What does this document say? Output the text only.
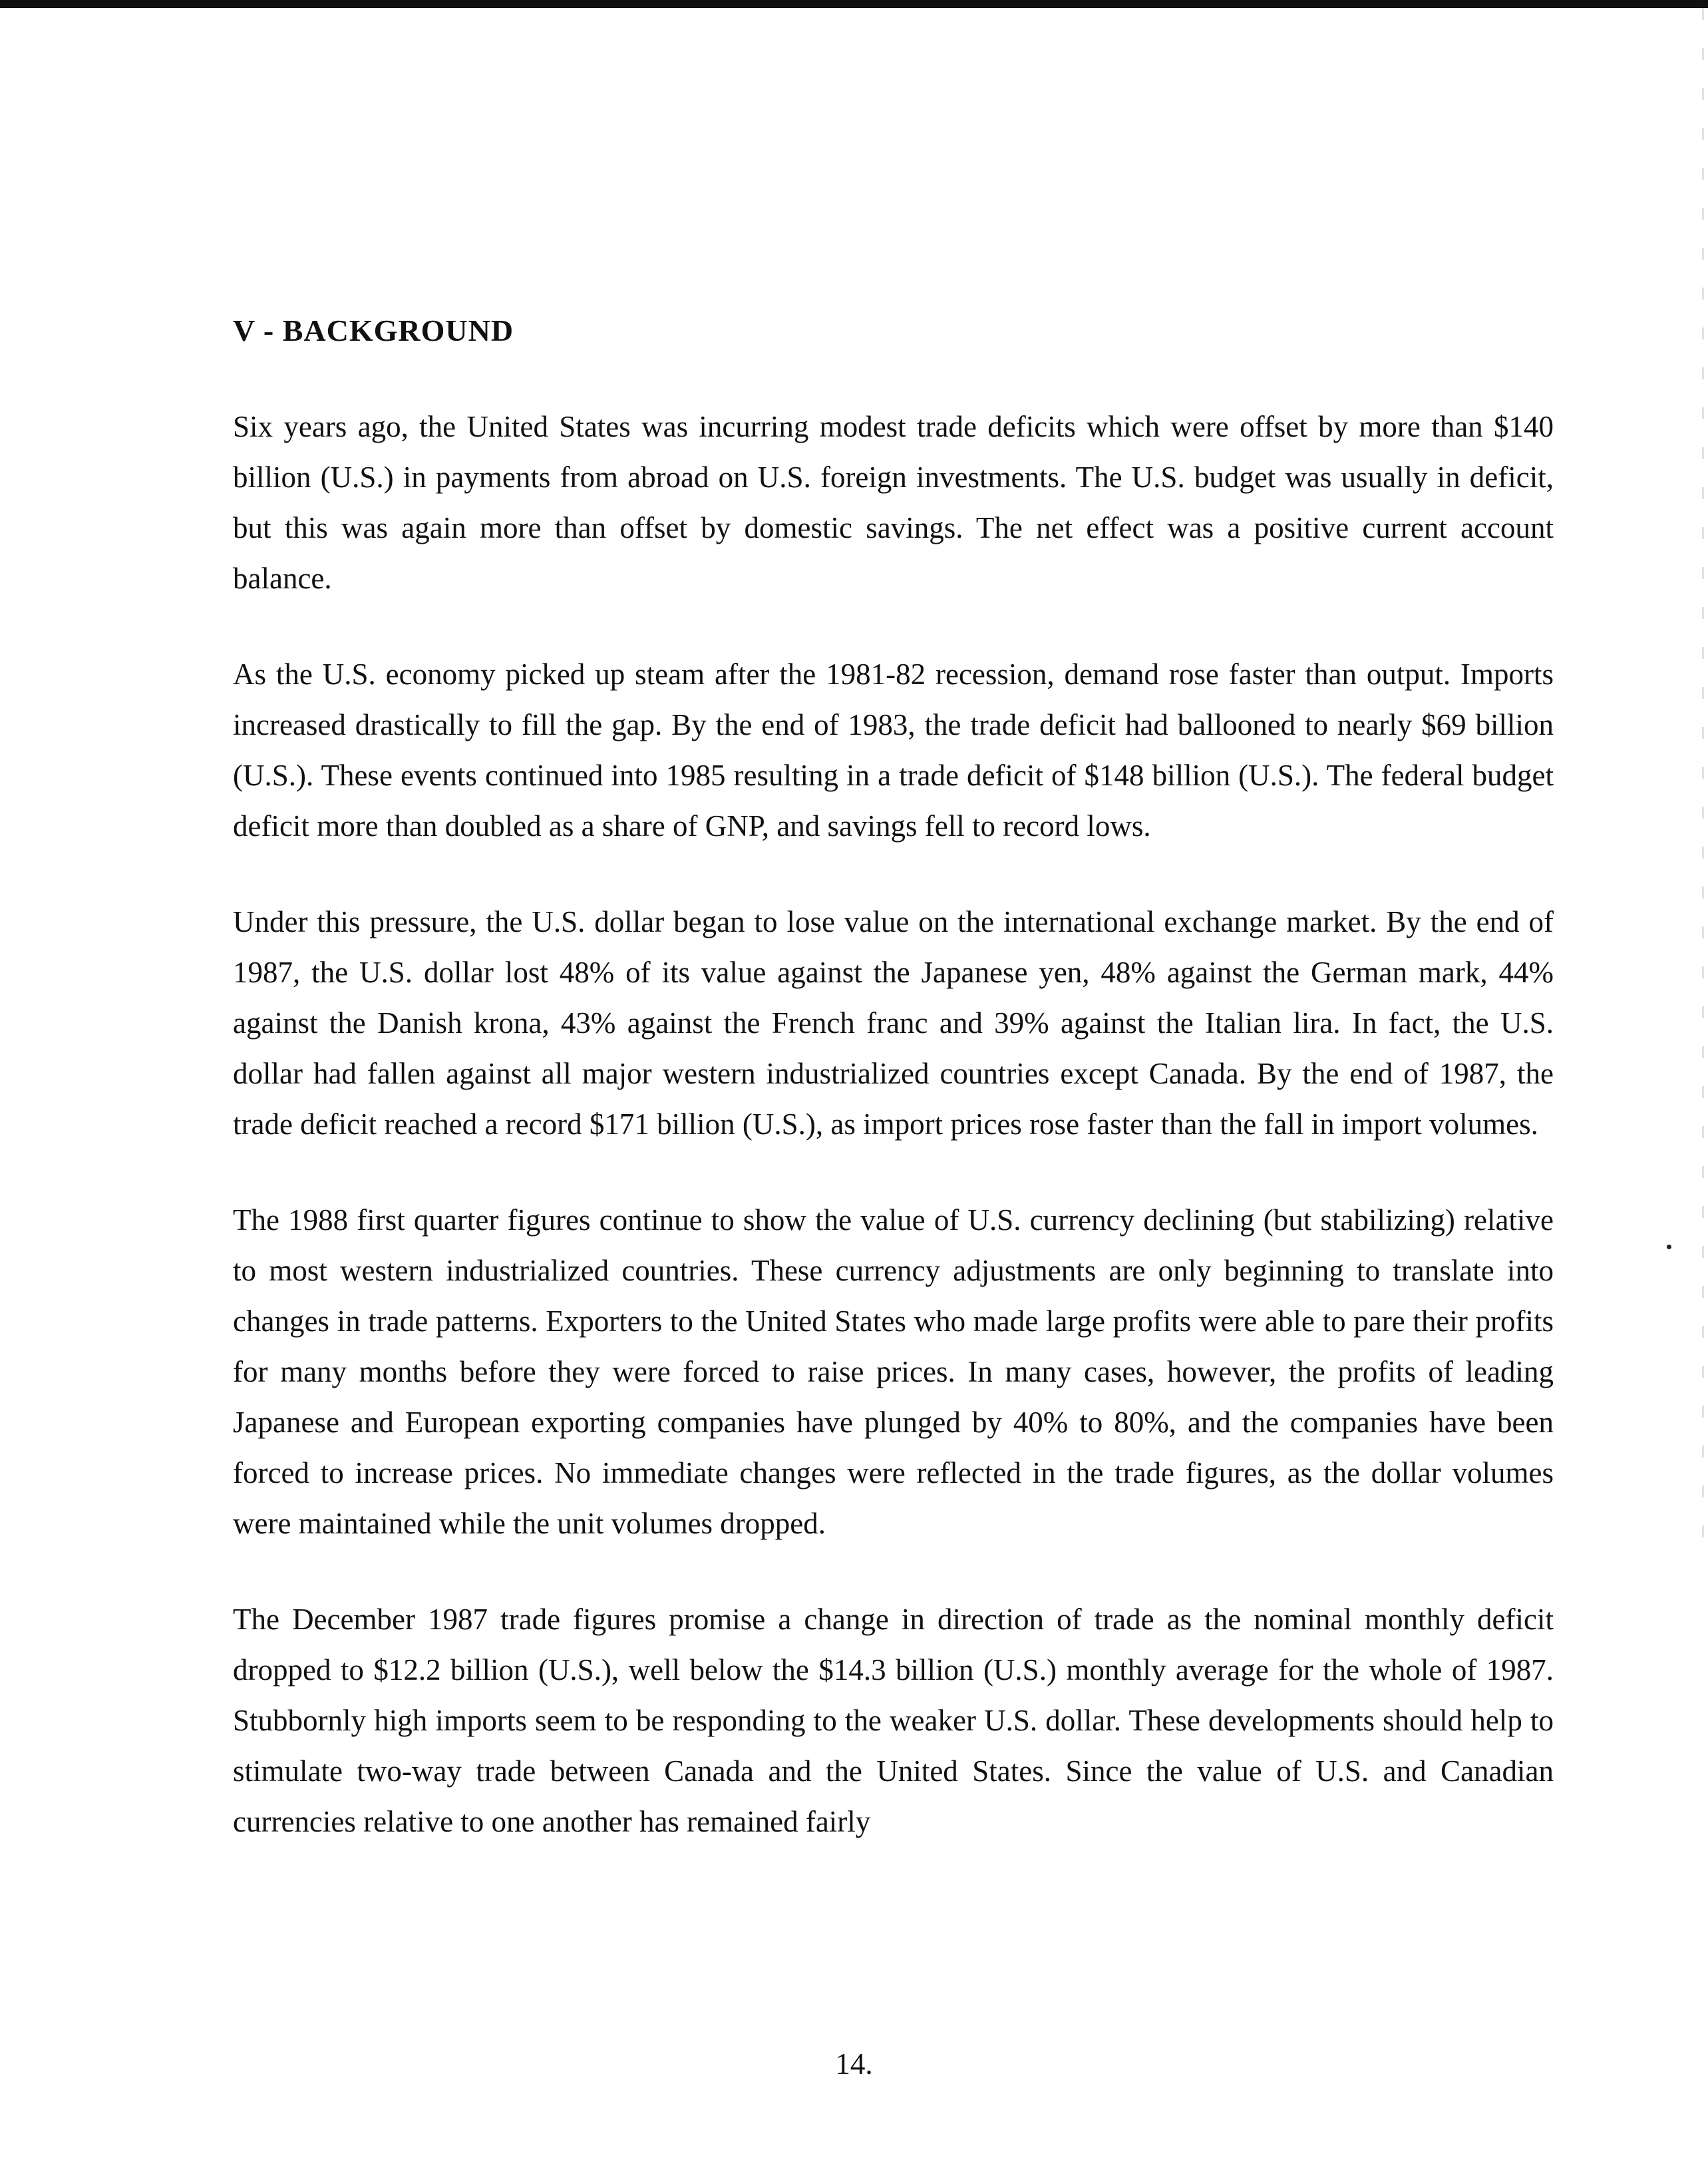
V - BACKGROUND

Six years ago, the United States was incurring modest trade deficits which were offset by more than $140 billion (U.S.) in payments from abroad on U.S. foreign investments. The U.S. budget was usually in deficit, but this was again more than offset by domestic savings. The net effect was a positive current account balance.

As the U.S. economy picked up steam after the 1981-82 recession, demand rose faster than output. Imports increased drastically to fill the gap. By the end of 1983, the trade deficit had ballooned to nearly $69 billion (U.S.). These events continued into 1985 resulting in a trade deficit of $148 billion (U.S.). The federal budget deficit more than doubled as a share of GNP, and savings fell to record lows.

Under this pressure, the U.S. dollar began to lose value on the international exchange market. By the end of 1987, the U.S. dollar lost 48% of its value against the Japanese yen, 48% against the German mark, 44% against the Danish krona, 43% against the French franc and 39% against the Italian lira. In fact, the U.S. dollar had fallen against all major western industrialized countries except Canada. By the end of 1987, the trade deficit reached a record $171 billion (U.S.), as import prices rose faster than the fall in import volumes.

The 1988 first quarter figures continue to show the value of U.S. currency declining (but stabilizing) relative to most western industrialized countries. These currency adjustments are only beginning to translate into changes in trade patterns. Exporters to the United States who made large profits were able to pare their profits for many months before they were forced to raise prices. In many cases, however, the profits of leading Japanese and European exporting companies have plunged by 40% to 80%, and the companies have been forced to increase prices. No immediate changes were reflected in the trade figures, as the dollar volumes were maintained while the unit volumes dropped.

The December 1987 trade figures promise a change in direction of trade as the nominal monthly deficit dropped to $12.2 billion (U.S.), well below the $14.3 billion (U.S.) monthly average for the whole of 1987. Stubbornly high imports seem to be responding to the weaker U.S. dollar. These developments should help to stimulate two-way trade between Canada and the United States. Since the value of U.S. and Canadian currencies relative to one another has remained fairly

14.
